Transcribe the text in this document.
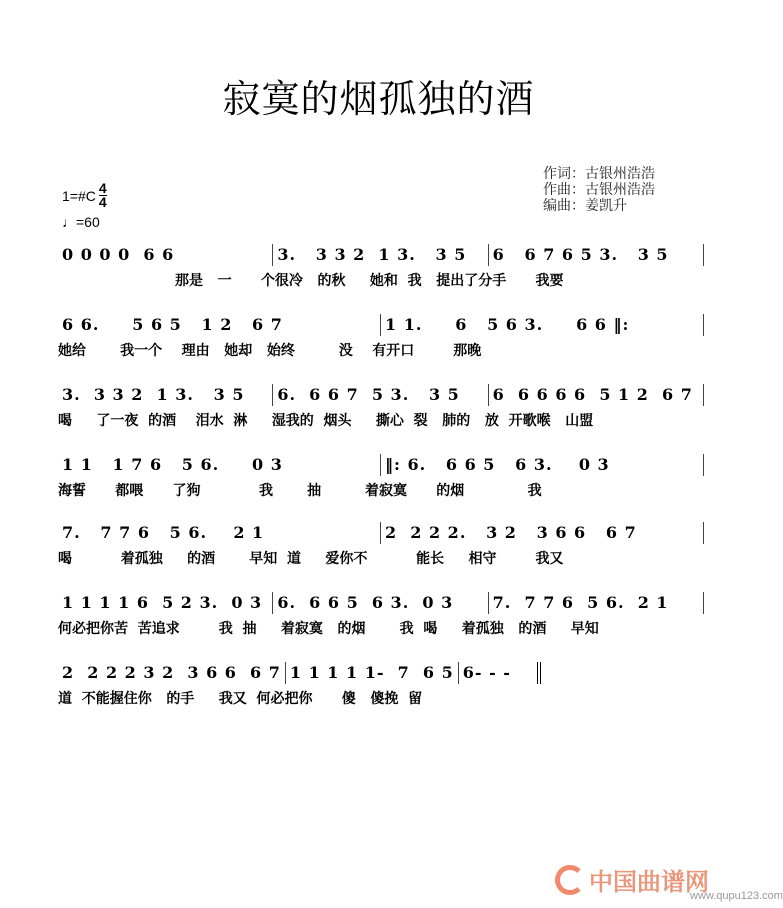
寂寞的烟孤独的酒
作词：古银州浩浩
作曲：古银州浩浩
编曲：姜凯升
1=#C $\frac{4}{4}$
♩=60
0 0 0 0  6 6	3.   3 3 2  1 3.   3 5	6   6 7 6 5 3.   3 5
那是   一      个很冷   的秋     她和  我   提出了分手      我要
6 6.     5 6 5   1 2   6 7	1 1.     6   5 6 3.     6 6 ‖:
她给       我一个    理由   她却   始终         没    有开口        那晚
3.  3 3 2  1 3.   3 5	6.  6 6 7  5 3.   3 5	6  6 6 6 6  5 1 2  6 7
喝     了一夜  的酒    泪水  淋     湿我的  烟头     撕心  裂   肺的   放  开歌喉   山盟
1 1   1 7 6   5 6.     0 3	‖: 6.   6 6 5   6 3.    0 3
海誓      都喂      了狗            我       抽         着寂寞      的烟             我
7.   7 7 6   5 6.    2 1	2  2 2 2.   3 2   3 6 6   6 7
喝          着孤独     的酒       早知  道     爱你不          能长     相守        我又
1 1 1 1 6  5 2 3.  0 3 6.  6 6 5  6 3.  0 3	7.  7 7 6  5 6.  2 1
何必把你苦  苦追求        我  抽     着寂寞   的烟       我  喝     着孤独   的酒     早知
2  2 2 2 3 2  3 6 6  6 7 1 1 1 1 1-  7  6 5 6- - -
道  不能握住你   的手     我又  何必把你      傻   傻挽  留
中国曲谱网
www.qupu123.com
